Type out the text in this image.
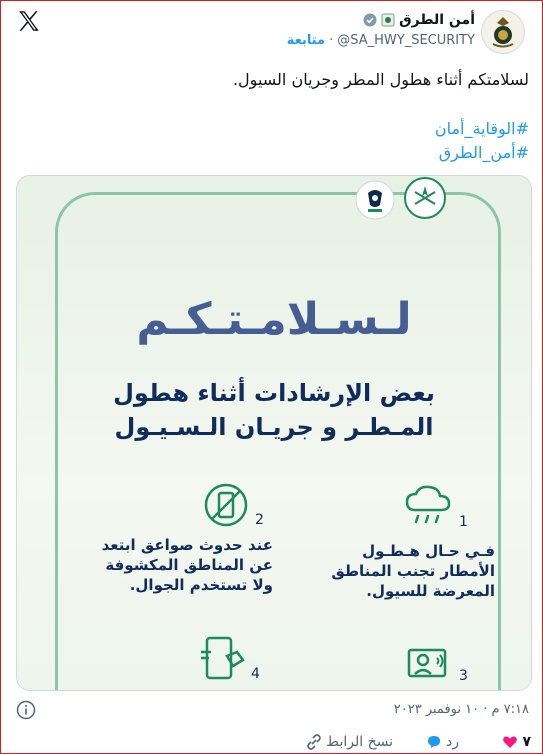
أمن الطرق
متابعة · @SA_HWY_SECURITY
لسلامتكم أثناء هطول المطر وجريان السيول.
#الوقاية_أمان
#أمن_الطرق
لـسـلامـتـكـم
بعض الإرشادات أثناء هطول
المـطـر و جريـان الـسـيـول
1
فـي حـال هـطـول
الأمطار تجنب المناطق
المعرضة للسيول.
2
عند حدوث صواعق ابتعد
عن المناطق المكشوفة
ولا تستخدم الجوال.
3
4
٧:١٨ م · ١٠ نوفمبر ٢٠٢٣
٧
رد
نسخ الرابط
